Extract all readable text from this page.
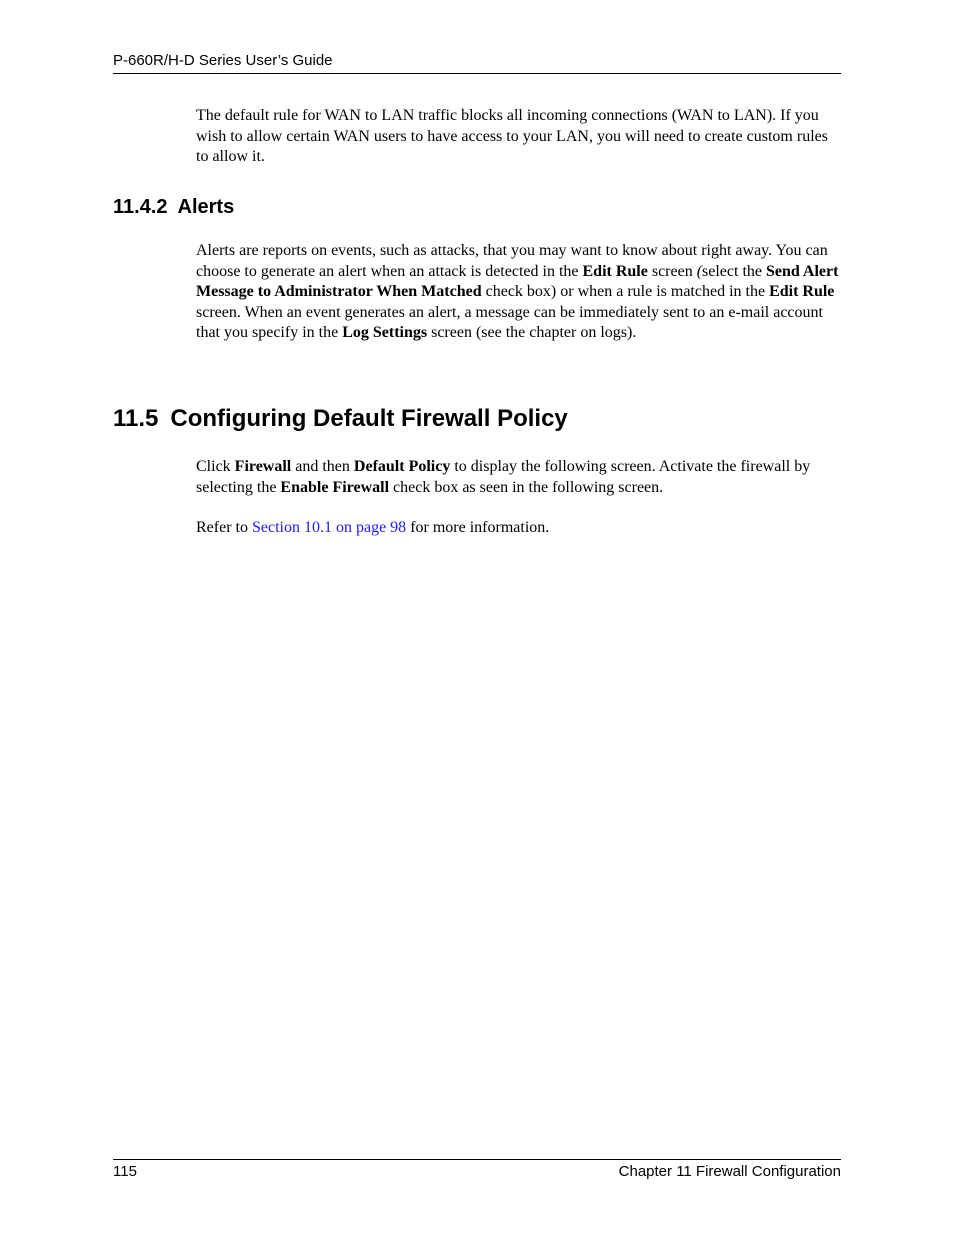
P-660R/H-D Series User’s Guide

The default rule for WAN to LAN traffic blocks all incoming connections (WAN to LAN). If you wish to allow certain WAN users to have access to your LAN, you will need to create custom rules to allow it.

11.4.2 Alerts

Alerts are reports on events, such as attacks, that you may want to know about right away. You can choose to generate an alert when an attack is detected in the Edit Rule screen (select the Send Alert Message to Administrator When Matched check box) or when a rule is matched in the Edit Rule screen. When an event generates an alert, a message can be immediately sent to an e-mail account that you specify in the Log Settings screen (see the chapter on logs).

11.5 Configuring Default Firewall Policy

Click Firewall and then Default Policy to display the following screen. Activate the firewall by selecting the Enable Firewall check box as seen in the following screen.

Refer to Section 10.1 on page 98 for more information.

115	Chapter 11 Firewall Configuration
